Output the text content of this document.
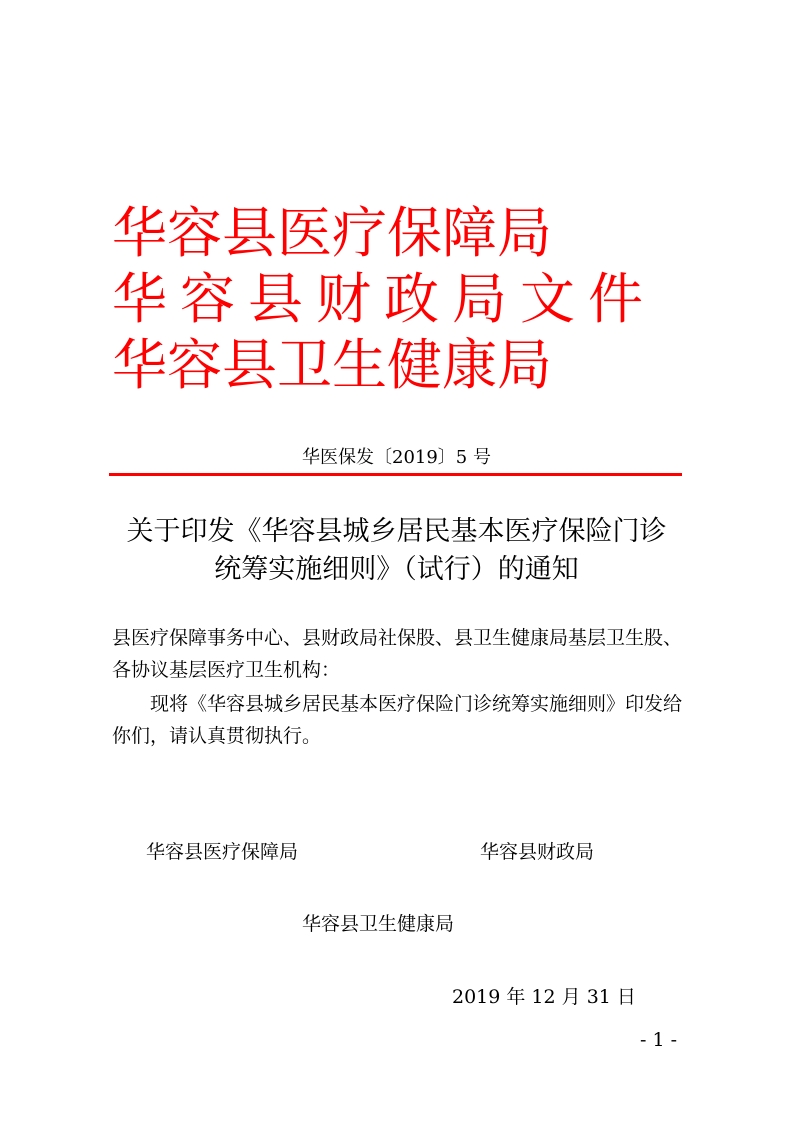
华容县医疗保障局
华容县财政局文件
华容县卫生健康局
华医保发〔2019〕5 号
关于印发《华容县城乡居民基本医疗保险门诊
统筹实施细则》（试行）的通知
县医疗保障事务中心、县财政局社保股、县卫生健康局基层卫生股、各协议基层医疗卫生机构：
现将《华容县城乡居民基本医疗保险门诊统筹实施细则》印发给你们，请认真贯彻执行。
华容县医疗保障局	华容县财政局
华容县卫生健康局
2019 年 12 月 31 日
- 1 -
